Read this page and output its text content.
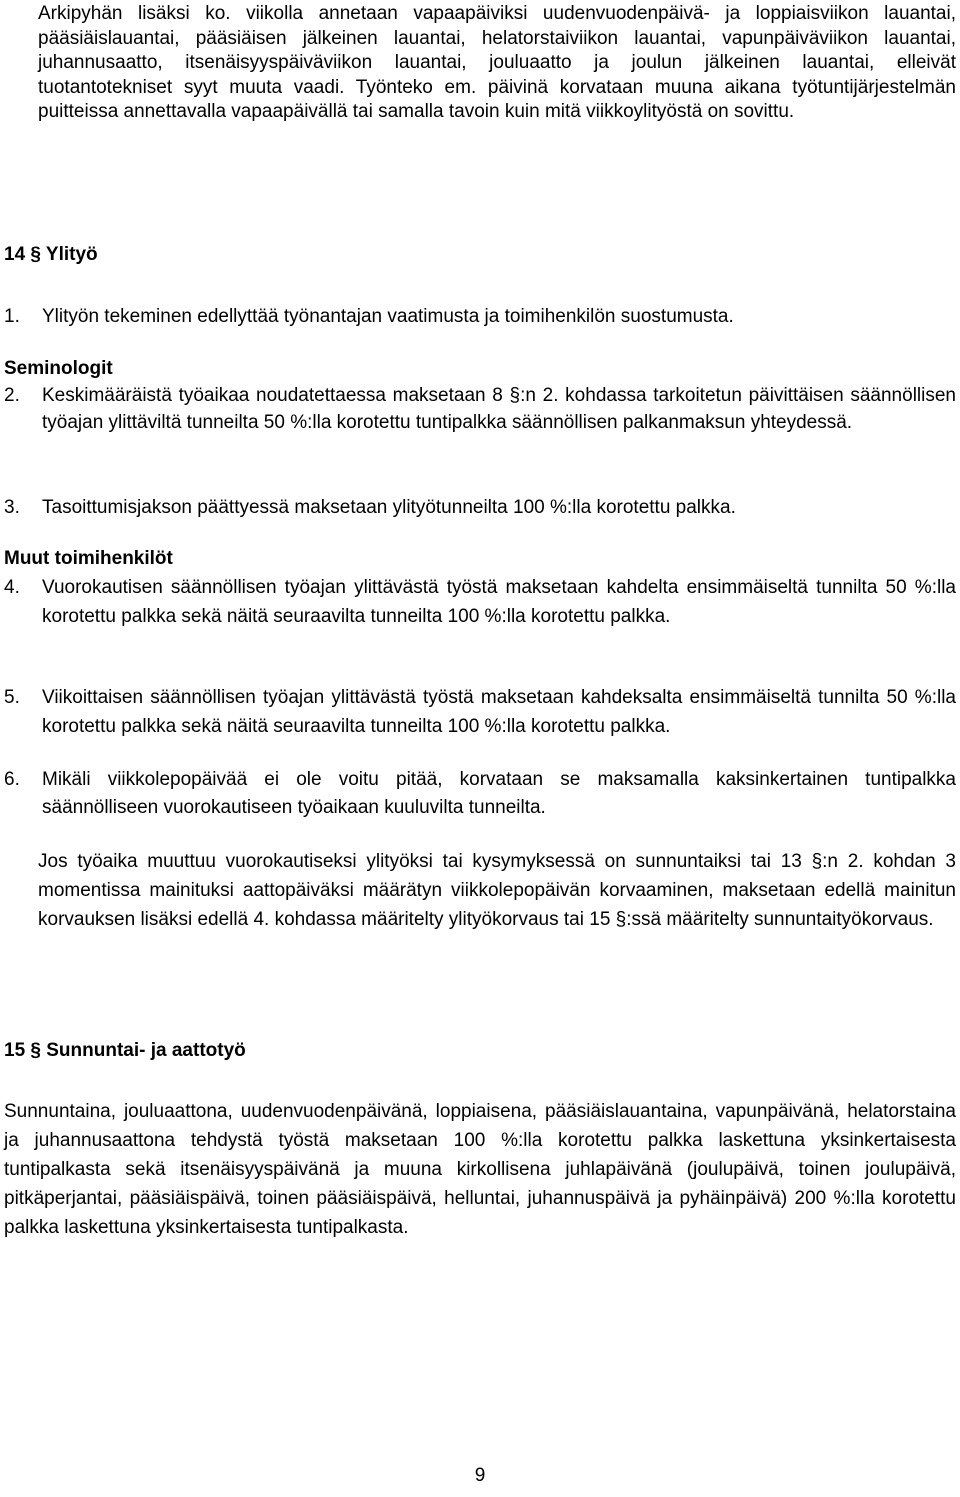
Arkipyhän lisäksi ko. viikolla annetaan vapaapäiviksi uudenvuodenpäivä- ja loppiaisviikon lauantai, pääsiäislauantai, pääsiäisen jälkeinen lauantai, helatorstaiviikon lauantai, vapunpäiväviikon lauantai, juhannusaatto, itsenäisyyspäiväviikon lauantai, jouluaatto ja joulun jälkeinen lauantai, elleivät tuotantotekniset syyt muuta vaadi. Työnteko em. päivinä korvataan muuna aikana työtuntijärjestelmän puitteissa annettavalla vapaapäivällä tai samalla tavoin kuin mitä viikkoylityöstä on sovittu.

14 § Ylityö
1.	Ylityön tekeminen edellyttää työnantajan vaatimusta ja toimihenkilön suostumusta.
Seminologit
2.	Keskimääräistä työaikaa noudatettaessa maksetaan 8 §:n 2. kohdassa tarkoitetun päivittäisen säännöllisen työajan ylittäviltä tunneilta 50 %:lla korotettu tuntipalkka säännöllisen palkanmaksun yhteydessä.
3.	Tasoittumisjakson päättyessä maksetaan ylityötunneilta 100 %:lla korotettu palkka.
Muut toimihenkilöt
4.	Vuorokautisen säännöllisen työajan ylittävästä työstä maksetaan kahdelta ensimmäiseltä tunnilta 50 %:lla korotettu palkka sekä näitä seuraavilta tunneilta 100 %:lla korotettu palkka.
5.	Viikoittaisen säännöllisen työajan ylittävästä työstä maksetaan kahdeksalta ensimmäiseltä tunnilta 50 %:lla korotettu palkka sekä näitä seuraavilta tunneilta 100 %:lla korotettu palkka.
6.	Mikäli viikkolepopäivää ei ole voitu pitää, korvataan se maksamalla kaksinkertainen tuntipalkka säännölliseen vuorokautiseen työaikaan kuuluvilta tunneilta.

Jos työaika muuttuu vuorokautiseksi ylityöksi tai kysymyksessä on sunnuntaiksi tai 13 §:n 2. kohdan 3 momentissa mainituksi aattopäiväksi määrätyn viikkolepopäivän korvaaminen, maksetaan edellä mainitun korvauksen lisäksi edellä 4. kohdassa määritelty ylityökorvaus tai 15 §:ssä määritelty sunnuntaityökorvaus.

15 § Sunnuntai- ja aattotyö

Sunnuntaina, jouluaattona, uudenvuodenpäivänä, loppiaisena, pääsiäislauantaina, vapunpäivänä, helatorstaina ja juhannusaattona tehdystä työstä maksetaan 100 %:lla korotettu palkka laskettuna yksinkertaisesta tuntipalkasta sekä itsenäisyyspäivänä ja muuna kirkollisena juhlapäivänä (joulupäivä, toinen joulupäivä, pitkäperjantai, pääsiäispäivä, toinen pääsiäispäivä, helluntai, juhannuspäivä ja pyhäinpäivä) 200 %:lla korotettu palkka laskettuna yksinkertaisesta tuntipalkasta.

9
